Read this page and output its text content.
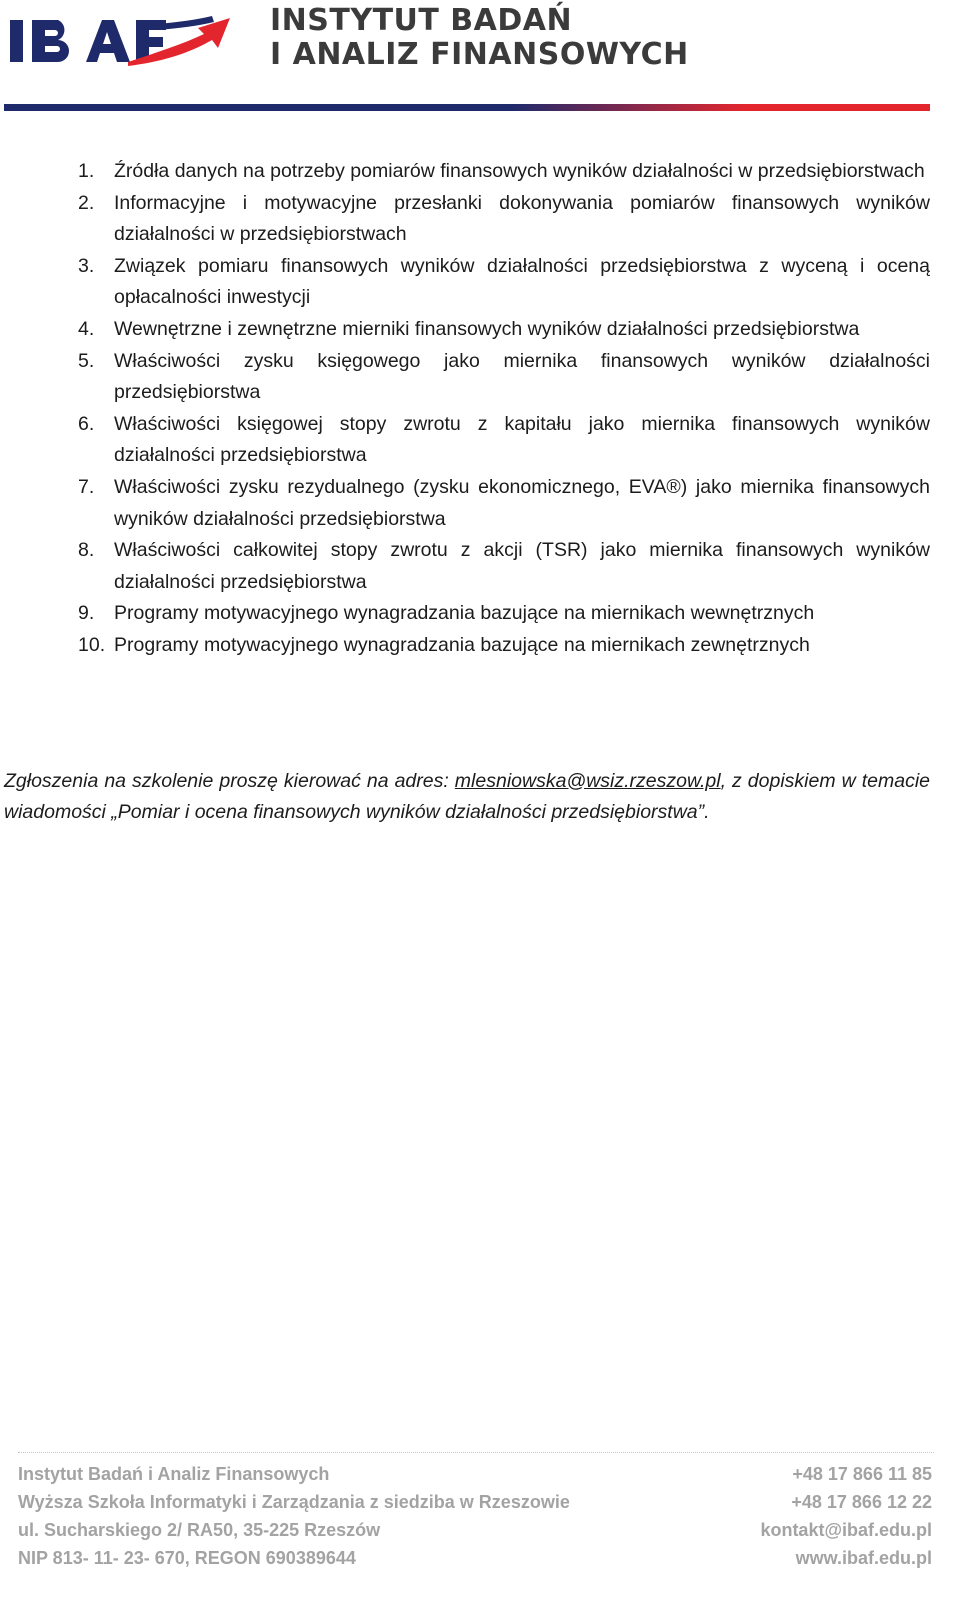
INSTYTUT BADAŃ
I ANALIZ FINANSOWYCH
1. Źródła danych na potrzeby pomiarów finansowych wyników działalności w przedsiębiorstwach
2. Informacyjne i motywacyjne przesłanki dokonywania pomiarów finansowych wyników działalności w przedsiębiorstwach
3. Związek pomiaru finansowych wyników działalności przedsiębiorstwa z wyceną i oceną opłacalności inwestycji
4. Wewnętrzne i zewnętrzne mierniki finansowych wyników działalności przedsiębiorstwa
5. Właściwości zysku księgowego jako miernika finansowych wyników działalności przedsiębiorstwa
6. Właściwości księgowej stopy zwrotu z kapitału jako miernika finansowych wyników działalności przedsiębiorstwa
7. Właściwości zysku rezydualnego (zysku ekonomicznego, EVA®) jako miernika finansowych wyników działalności przedsiębiorstwa
8. Właściwości całkowitej stopy zwrotu z akcji (TSR) jako miernika finansowych wyników działalności przedsiębiorstwa
9. Programy motywacyjnego wynagradzania bazujące na miernikach wewnętrznych
10. Programy motywacyjnego wynagradzania bazujące na miernikach zewnętrznych

Zgłoszenia na szkolenie proszę kierować na adres: mlesniowska@wsiz.rzeszow.pl, z dopiskiem w temacie wiadomości „Pomiar i ocena finansowych wyników działalności przedsiębiorstwa”.

Instytut Badań i Analiz Finansowych
Wyższa Szkoła Informatyki i Zarządzania z siedziba w Rzeszowie
ul. Sucharskiego 2/ RA50, 35-225 Rzeszów
NIP 813- 11- 23- 670, REGON 690389644
+48 17 866 11 85
+48 17 866 12 22
kontakt@ibaf.edu.pl
www.ibaf.edu.pl
